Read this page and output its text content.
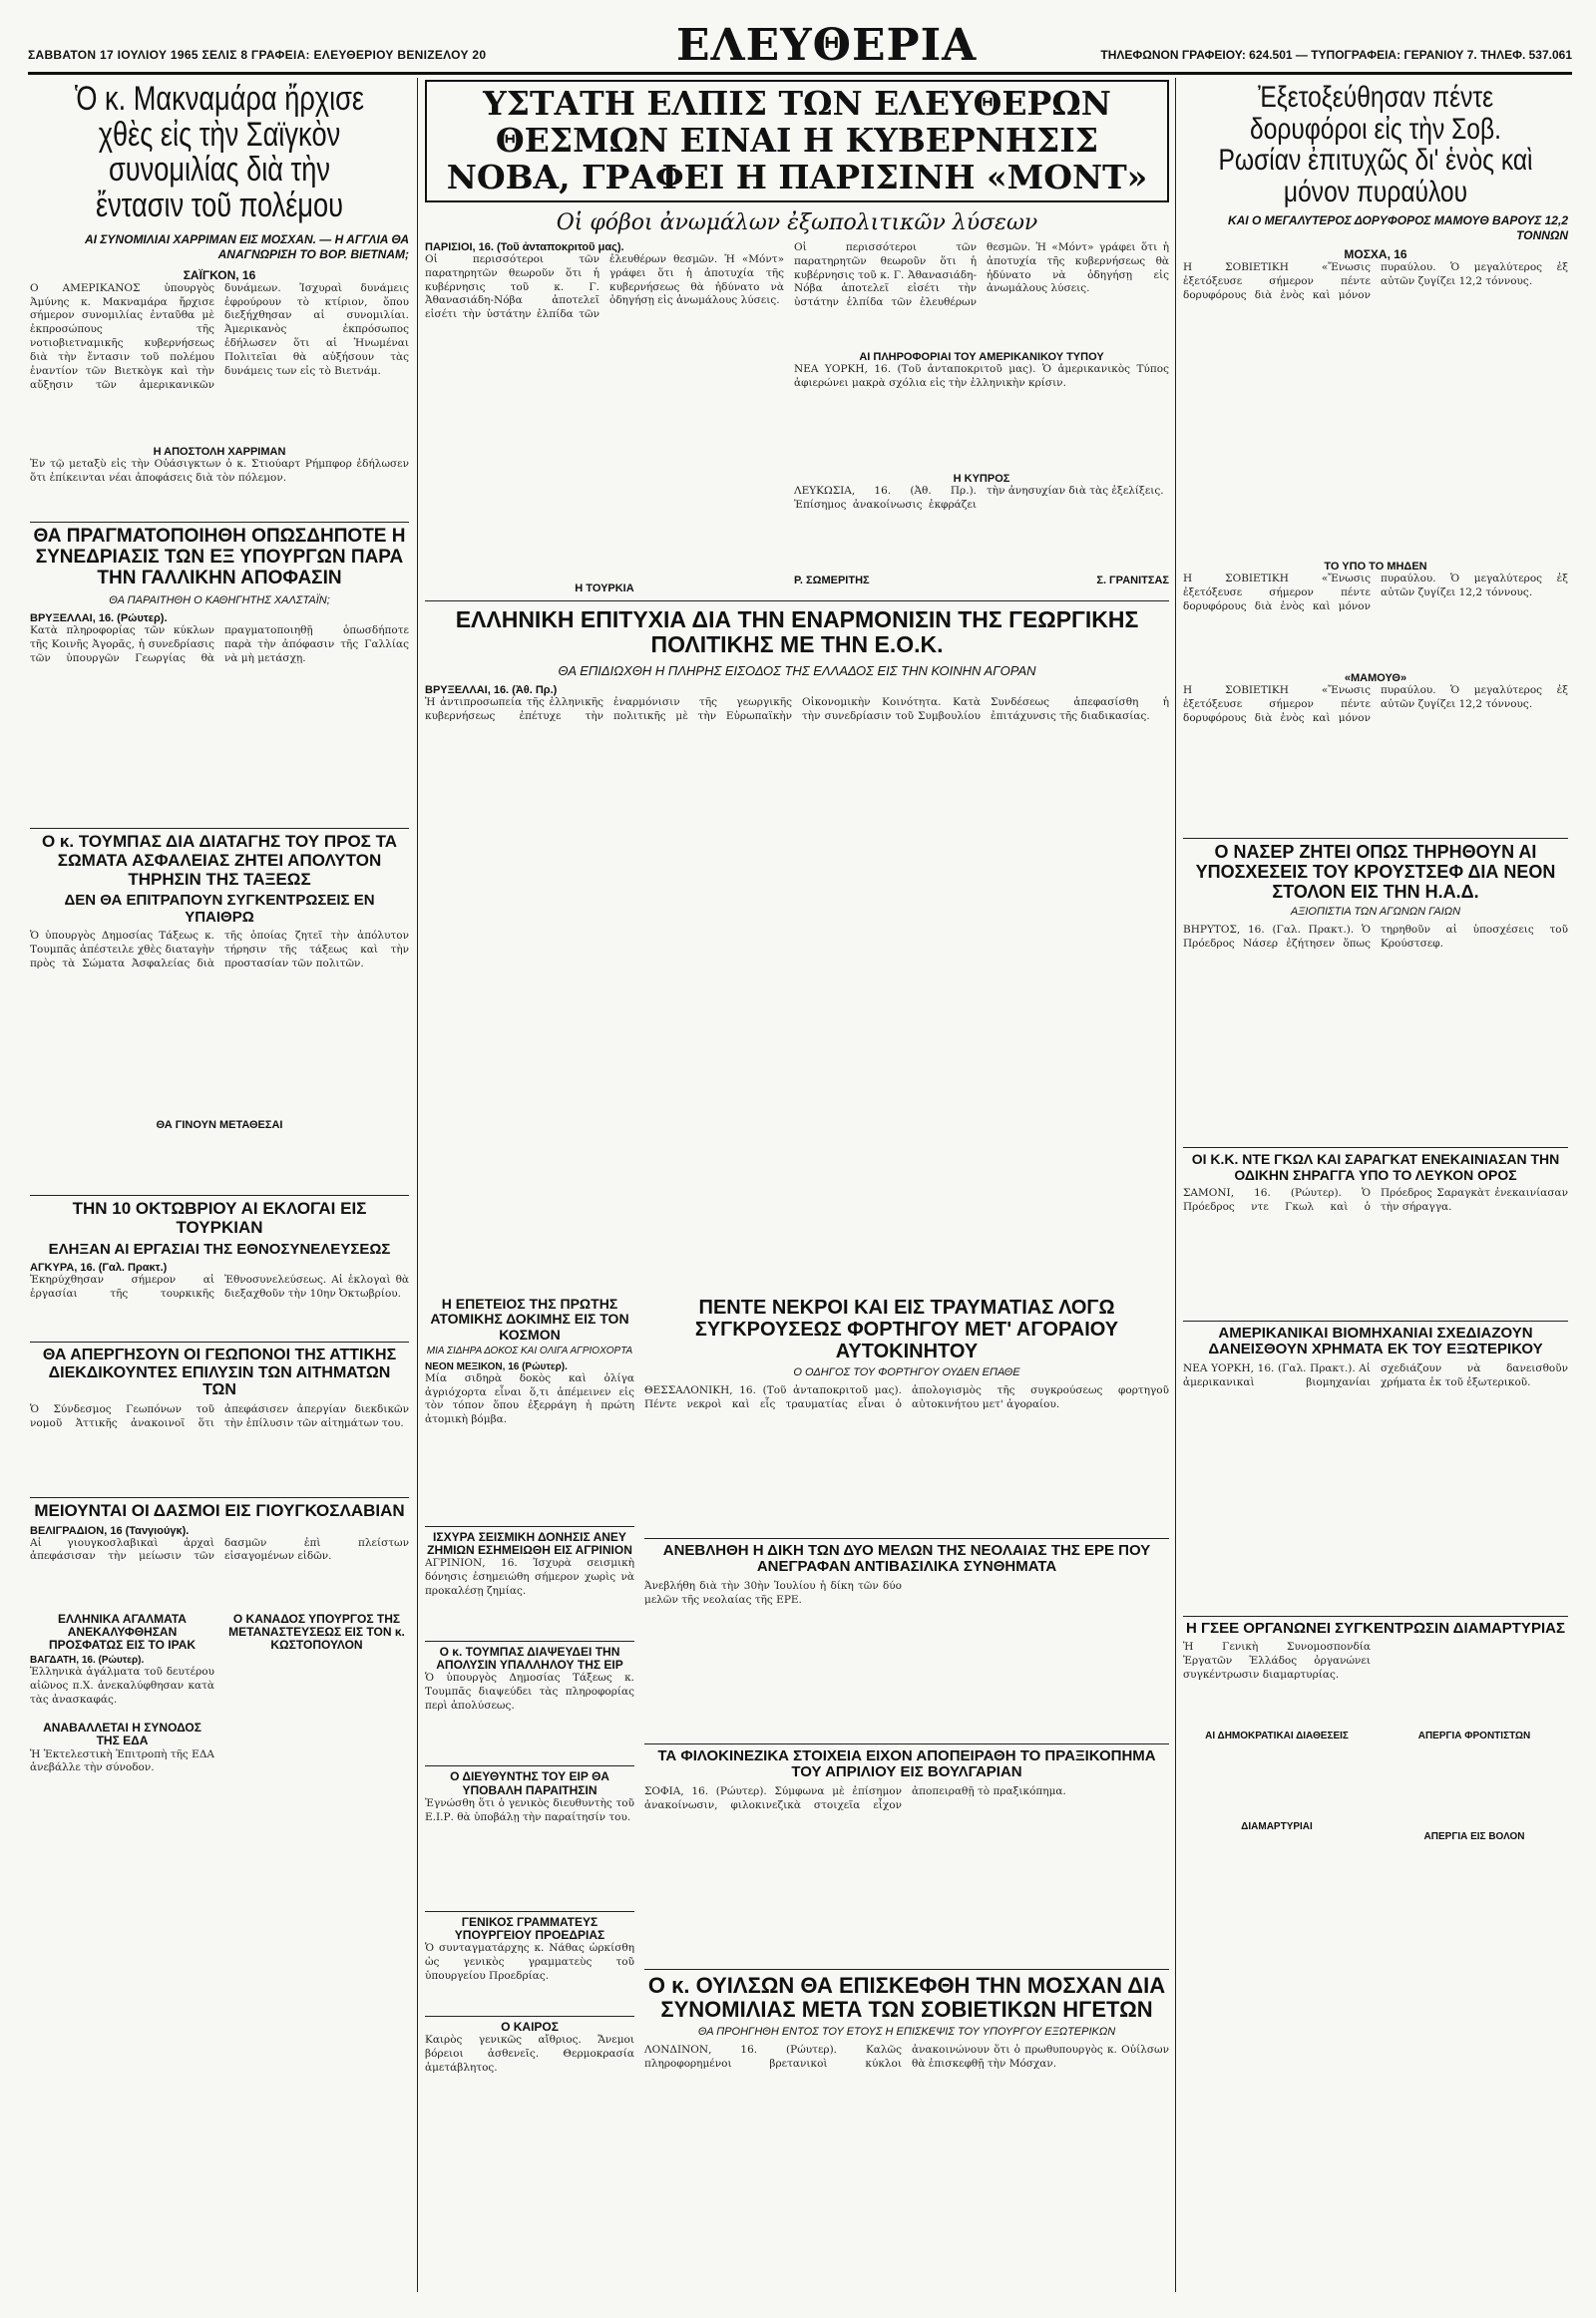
ΣΑΒΒΑΤΟΝ 17 ΙΟΥΛΙΟΥ 1965 ΣΕΛΙΣ 8 ΓΡΑΦΕΙΑ: ΕΛΕΥΘΕΡΙΟΥ ΒΕΝΙΖΕΛΟΥ 20	ΕΛΕΥΘΕΡΙΑ	ΤΗΛΕΦΩΝΟΝ ΓΡΑΦΕΙΟΥ: 624.501 — ΤΥΠΟΓΡΑΦΕΙΑ: ΓΕΡΑΝΙΟΥ 7. ΤΗΛΕΦ. 537.061
Ὁ κ. Μακναμάρα ἤρχισε χθὲς εἰς τὴν Σαϊγκὸν συνομιλίας διὰ τὴν ἔντασιν τοῦ πολέμου
ΑΙ ΣΥΝΟΜΙΛΙΑΙ ΧΑΡΡΙΜΑΝ ΕΙΣ ΜΟΣΧΑΝ. — Η ΑΓΓΛΙΑ ΘΑ ΑΝΑΓΝΩΡΙΣΗ ΤΟ ΒΟΡ. ΒΙΕΤΝΑΜ;
ΣΑΪΓΚΟΝ, 16
Ο ΑΜΕΡΙΚΑΝΟΣ ὑπουργὸς Ἀμύνης κ. Μακναμάρα ἤρχισε σήμερον συνομιλίας ἐνταῦθα μὲ ἐκπροσώπους τῆς νοτιοβιετναμικῆς κυβερνήσεως διὰ τὴν ἔντασιν τοῦ πολέμου ἐναντίον τῶν Βιετκὸγκ καὶ τὴν αὔξησιν τῶν ἀμερικανικῶν δυνάμεων. Ἰσχυραὶ δυνάμεις ἐφρούρουν τὸ κτίριον, ὅπου διεξήχθησαν αἱ συνομιλίαι. Ἀμερικανὸς ἐκπρόσωπος ἐδήλωσεν ὅτι αἱ Ἡνωμέναι Πολιτεῖαι θὰ αὐξήσουν τὰς δυνάμεις των εἰς τὸ Βιετνάμ.
Η ΑΠΟΣΤΟΛΗ ΧΑΡΡΙΜΑΝ
Ἐν τῷ μεταξὺ εἰς τὴν Οὐάσιγκτων ὁ κ. Στιούαρτ Ρήμπφορ ἐδήλωσεν ὅτι ἐπίκεινται νέαι ἀποφάσεις διὰ τὸν πόλεμον.
ΘΑ ΠΡΑΓΜΑΤΟΠΟΙΗΘΗ ΟΠΩΣΔΗΠΟΤΕ Η ΣΥΝΕΔΡΙΑΣΙΣ ΤΩΝ ΕΞ ΥΠΟΥΡΓΩΝ ΠΑΡΑ ΤΗΝ ΓΑΛΛΙΚΗΝ ΑΠΟΦΑΣΙΝ
ΘΑ ΠΑΡΑΙΤΗΘΗ Ο ΚΑΘΗΓΗΤΗΣ ΧΑΛΣΤΑΪΝ;
ΒΡΥΞΕΛΛΑΙ, 16. (Ρώυτερ).
Κατὰ πληροφορίας τῶν κύκλων τῆς Κοινῆς Ἀγορᾶς, ἡ συνεδρίασις τῶν ὑπουργῶν Γεωργίας θὰ πραγματοποιηθῇ ὁπωσδήποτε παρὰ τὴν ἀπόφασιν τῆς Γαλλίας νὰ μὴ μετάσχῃ.
Ο κ. ΤΟΥΜΠΑΣ ΔΙΑ ΔΙΑΤΑΓΗΣ ΤΟΥ ΠΡΟΣ ΤΑ ΣΩΜΑΤΑ ΑΣΦΑΛΕΙΑΣ ΖΗΤΕΙ ΑΠΟΛΥΤΟΝ ΤΗΡΗΣΙΝ ΤΗΣ ΤΑΞΕΩΣ
ΔΕΝ ΘΑ ΕΠΙΤΡΑΠΟΥΝ ΣΥΓΚΕΝΤΡΩΣΕΙΣ ΕΝ ΥΠΑΙΘΡΩ
Ὁ ὑπουργὸς Δημοσίας Τάξεως κ. Τουμπᾶς ἀπέστειλε χθὲς διαταγὴν πρὸς τὰ Σώματα Ἀσφαλείας διὰ τῆς ὁποίας ζητεῖ τὴν ἀπόλυτον τήρησιν τῆς τάξεως καὶ τὴν προστασίαν τῶν πολιτῶν.
ΘΑ ΓΙΝΟΥΝ ΜΕΤΑΘΕΣΑΙ
ΤΗΝ 10 ΟΚΤΩΒΡΙΟΥ ΑΙ ΕΚΛΟΓΑΙ ΕΙΣ ΤΟΥΡΚΙΑΝ
ΕΛΗΞΑΝ ΑΙ ΕΡΓΑΣΙΑΙ ΤΗΣ ΕΘΝΟΣΥΝΕΛΕΥΣΕΩΣ
ΑΓΚΥΡΑ, 16. (Γαλ. Πρακτ.)
Ἐκηρύχθησαν σήμερον αἱ ἐργασίαι τῆς τουρκικῆς Ἐθνοσυνελεύσεως. Αἱ ἐκλογαὶ θὰ διεξαχθοῦν τὴν 10ην Ὀκτωβρίου.
ΘΑ ΑΠΕΡΓΗΣΟΥΝ ΟΙ ΓΕΩΠΟΝΟΙ ΤΗΣ ΑΤΤΙΚΗΣ ΔΙΕΚΔΙΚΟΥΝΤΕΣ ΕΠΙΛΥΣΙΝ ΤΩΝ ΑΙΤΗΜΑΤΩΝ ΤΩΝ
Ὁ Σύνδεσμος Γεωπόνων τοῦ νομοῦ Ἀττικῆς ἀνακοινοῖ ὅτι ἀπεφάσισεν ἀπεργίαν διεκδικῶν τὴν ἐπίλυσιν τῶν αἰτημάτων του.
ΜΕΙΟΥΝΤΑΙ ΟΙ ΔΑΣΜΟΙ ΕΙΣ ΓΙΟΥΓΚΟΣΛΑΒΙΑΝ
ΒΕΛΙΓΡΑΔΙΟΝ, 16 (Τανγιούγκ).
Αἱ γιουγκοσλαβικαὶ ἀρχαὶ ἀπεφάσισαν τὴν μείωσιν τῶν δασμῶν ἐπὶ πλείστων εἰσαγομένων εἰδῶν.
ΕΛΛΗΝΙΚΑ ΑΓΑΛΜΑΤΑ ΑΝΕΚΑΛΥΦΘΗΣΑΝ ΠΡΟΣΦΑΤΩΣ ΕΙΣ ΤΟ ΙΡΑΚ
ΒΑΓΔΑΤΗ, 16. (Ρώυτερ).
Ἑλληνικὰ ἀγάλματα τοῦ δευτέρου αἰῶνος π.Χ. ἀνεκαλύφθησαν κατὰ τὰς ἀνασκαφάς.
ΑΝΑΒΑΛΛΕΤΑΙ Η ΣΥΝΟΔΟΣ ΤΗΣ ΕΔΑ
Ἡ Ἐκτελεστικὴ Ἐπιτροπὴ τῆς ΕΔΑ ἀνεβάλλε τὴν σύνοδον.
Ο ΚΑΝΑΔΟΣ ΥΠΟΥΡΓΟΣ ΤΗΣ ΜΕΤΑΝΑΣΤΕΥΣΕΩΣ ΕΙΣ ΤΟΝ κ. ΚΩΣΤΟΠΟΥΛΟΝ
ΥΣΤΑΤΗ ΕΛΠΙΣ ΤΩΝ ΕΛΕΥΘΕΡΩΝ ΘΕΣΜΩΝ ΕΙΝΑΙ Η ΚΥΒΕΡΝΗΣΙΣ ΝΟΒΑ, ΓΡΑΦΕΙ Η ΠΑΡΙΣΙΝΗ «ΜΟΝΤ»
Οἱ φόβοι ἀνωμάλων ἐξωπολιτικῶν λύσεων
ΠΑΡΙΣΙΟΙ, 16. (Τοῦ ἀνταποκριτοῦ μας).
Οἱ περισσότεροι τῶν παρατηρητῶν θεωροῦν ὅτι ἡ κυβέρνησις τοῦ κ. Γ. Ἀθανασιάδη-Νόβα ἀποτελεῖ εἰσέτι τὴν ὑστάτην ἐλπίδα τῶν ἐλευθέρων θεσμῶν. Ἡ «Μόντ» γράφει ὅτι ἡ ἀποτυχία τῆς κυβερνήσεως θὰ ἠδύνατο νὰ ὁδηγήσῃ εἰς ἀνωμάλους λύσεις.
Η ΤΟΥΡΚΙΑ
Οἱ περισσότεροι τῶν παρατηρητῶν θεωροῦν ὅτι ἡ κυβέρνησις τοῦ κ. Γ. Ἀθανασιάδη-Νόβα ἀποτελεῖ εἰσέτι τὴν ὑστάτην ἐλπίδα τῶν ἐλευθέρων θεσμῶν. Ἡ «Μόντ» γράφει ὅτι ἡ ἀποτυχία τῆς κυβερνήσεως θὰ ἠδύνατο νὰ ὁδηγήσῃ εἰς ἀνωμάλους λύσεις.
ΑΙ ΠΛΗΡΟΦΟΡΙΑΙ ΤΟΥ ΑΜΕΡΙΚΑΝΙΚΟΥ ΤΥΠΟΥ
ΝΕΑ ΥΟΡΚΗ, 16. (Τοῦ ἀνταποκριτοῦ μας). Ὁ ἀμερικανικὸς Τύπος ἀφιερώνει μακρὰ σχόλια εἰς τὴν ἑλληνικὴν κρίσιν.
Η ΚΥΠΡΟΣ
ΛΕΥΚΩΣΙΑ, 16. (Ἀθ. Πρ.). Ἐπίσημος ἀνακοίνωσις ἐκφράζει τὴν ἀνησυχίαν διὰ τὰς ἐξελίξεις.
Ρ. ΣΩΜΕΡΙΤΗΣ	Σ. ΓΡΑΝΙΤΣΑΣ
ΕΛΛΗΝΙΚΗ ΕΠΙΤΥΧΙΑ ΔΙΑ ΤΗΝ ΕΝΑΡΜΟΝΙΣΙΝ ΤΗΣ ΓΕΩΡΓΙΚΗΣ ΠΟΛΙΤΙΚΗΣ ΜΕ ΤΗΝ Ε.Ο.Κ.
ΘΑ ΕΠΙΔΙΩΧΘΗ Η ΠΛΗΡΗΣ ΕΙΣΟΔΟΣ ΤΗΣ ΕΛΛΑΔΟΣ ΕΙΣ ΤΗΝ ΚΟΙΝΗΝ ΑΓΟΡΑΝ
ΒΡΥΞΕΛΛΑΙ, 16. (Ἀθ. Πρ.)
Ἡ ἀντιπροσωπεία τῆς ἑλληνικῆς κυβερνήσεως ἐπέτυχε τὴν ἐναρμόνισιν τῆς γεωργικῆς πολιτικῆς μὲ τὴν Εὐρωπαϊκὴν Οἰκονομικὴν Κοινότητα. Κατὰ τὴν συνεδρίασιν τοῦ Συμβουλίου Συνδέσεως ἀπεφασίσθη ἡ ἐπιτάχυνσις τῆς διαδικασίας.
Η ΕΠΕΤΕΙΟΣ ΤΗΣ ΠΡΩΤΗΣ ΑΤΟΜΙΚΗΣ ΔΟΚΙΜΗΣ ΕΙΣ ΤΟΝ ΚΟΣΜΟΝ
ΜΙΑ ΣΙΔΗΡΑ ΔΟΚΟΣ ΚΑΙ ΟΛΙΓΑ ΑΓΡΙΟΧΟΡΤΑ
ΝΕΟΝ ΜΕΞΙΚΟΝ, 16 (Ρώυτερ).
Μία σιδηρὰ δοκὸς καὶ ὀλίγα ἀγριόχορτα εἶναι ὅ,τι ἀπέμεινεν εἰς τὸν τόπον ὅπου ἐξερράγη ἡ πρώτη ἀτομικὴ βόμβα.
ΙΣΧΥΡΑ ΣΕΙΣΜΙΚΗ ΔΟΝΗΣΙΣ ΑΝΕΥ ΖΗΜΙΩΝ ΕΣΗΜΕΙΩΘΗ ΕΙΣ ΑΓΡΙΝΙΟΝ
ΑΓΡΙΝΙΟΝ, 16. Ἰσχυρὰ σεισμικὴ δόνησις ἐσημειώθη σήμερον χωρὶς νὰ προκαλέσῃ ζημίας.
Ο κ. ΤΟΥΜΠΑΣ ΔΙΑΨΕΥΔΕΙ ΤΗΝ ΑΠΟΛΥΣΙΝ ΥΠΑΛΛΗΛΟΥ ΤΗΣ ΕΙΡ
Ὁ ὑπουργὸς Δημοσίας Τάξεως κ. Τουμπᾶς διαψεύδει τὰς πληροφορίας περὶ ἀπολύσεως.
Ο ΔΙΕΥΘΥΝΤΗΣ ΤΟΥ ΕΙΡ ΘΑ ΥΠΟΒΑΛΗ ΠΑΡΑΙΤΗΣΙΝ
Ἐγνώσθη ὅτι ὁ γενικὸς διευθυντὴς τοῦ Ε.Ι.Ρ. θὰ ὑποβάλῃ τὴν παραίτησίν του.
ΓΕΝΙΚΟΣ ΓΡΑΜΜΑΤΕΥΣ ΥΠΟΥΡΓΕΙΟΥ ΠΡΟΕΔΡΙΑΣ
Ὁ συνταγματάρχης κ. Νάθας ὠρκίσθη ὡς γενικὸς γραμματεὺς τοῦ ὑπουργείου Προεδρίας.
Ο ΚΑΙΡΟΣ
Καιρὸς γενικῶς αἴθριος. Ἄνεμοι βόρειοι ἀσθενεῖς. Θερμοκρασία ἀμετάβλητος.
ΠΕΝΤΕ ΝΕΚΡΟΙ ΚΑΙ ΕΙΣ ΤΡΑΥΜΑΤΙΑΣ ΛΟΓΩ ΣΥΓΚΡΟΥΣΕΩΣ ΦΟΡΤΗΓΟΥ ΜΕΤ' ΑΓΟΡΑΙΟΥ ΑΥΤΟΚΙΝΗΤΟΥ
Ο ΟΔΗΓΟΣ ΤΟΥ ΦΟΡΤΗΓΟΥ ΟΥΔΕΝ ΕΠΑΘΕ
ΘΕΣΣΑΛΟΝΙΚΗ, 16. (Τοῦ ἀνταποκριτοῦ μας). Πέντε νεκροὶ καὶ εἷς τραυματίας εἶναι ὁ ἀπολογισμὸς τῆς συγκρούσεως φορτηγοῦ αὐτοκινήτου μετ' ἀγοραίου.
ΑΝΕΒΛΗΘΗ Η ΔΙΚΗ ΤΩΝ ΔΥΟ ΜΕΛΩΝ ΤΗΣ ΝΕΟΛΑΙΑΣ ΤΗΣ ΕΡΕ ΠΟΥ ΑΝΕΓΡΑΦΑΝ ΑΝΤΙΒΑΣΙΛΙΚΑ ΣΥΝΘΗΜΑΤΑ
Ἀνεβλήθη διὰ τὴν 30ὴν Ἰουλίου ἡ δίκη τῶν δύο μελῶν τῆς νεολαίας τῆς ΕΡΕ.
ΤΑ ΦΙΛΟΚΙΝΕΖΙΚΑ ΣΤΟΙΧΕΙΑ ΕΙΧΟΝ ΑΠΟΠΕΙΡΑΘΗ ΤΟ ΠΡΑΞΙΚΟΠΗΜΑ ΤΟΥ ΑΠΡΙΛΙΟΥ ΕΙΣ ΒΟΥΛΓΑΡΙΑΝ
ΣΟΦΙΑ, 16. (Ρώυτερ). Σύμφωνα μὲ ἐπίσημον ἀνακοίνωσιν, φιλοκινεζικὰ στοιχεῖα εἶχον ἀποπειραθῇ τὸ πραξικόπημα.
Ο κ. ΟΥΙΛΣΩΝ ΘΑ ΕΠΙΣΚΕΦΘΗ ΤΗΝ ΜΟΣΧΑΝ ΔΙΑ ΣΥΝΟΜΙΛΙΑΣ ΜΕΤΑ ΤΩΝ ΣΟΒΙΕΤΙΚΩΝ ΗΓΕΤΩΝ
ΘΑ ΠΡΟΗΓΗΘΗ ΕΝΤΟΣ ΤΟΥ ΕΤΟΥΣ Η ΕΠΙΣΚΕΨΙΣ ΤΟΥ ΥΠΟΥΡΓΟΥ ΕΞΩΤΕΡΙΚΩΝ
ΛΟΝΔΙΝΟΝ, 16. (Ρώυτερ). Καλῶς πληροφορημένοι βρετανικοὶ κύκλοι ἀνακοινώνουν ὅτι ὁ πρωθυπουργὸς κ. Οὐίλσων θὰ ἐπισκεφθῇ τὴν Μόσχαν.
Ἐξετοξεύθησαν πέντε δορυφόροι εἰς τὴν Σοβ. Ρωσίαν ἐπιτυχῶς δι' ἑνὸς καὶ μόνον πυραύλου
ΚΑΙ Ο ΜΕΓΑΛΥΤΕΡΟΣ ΔΟΡΥΦΟΡΟΣ ΜΑΜΟΥΘ ΒΑΡΟΥΣ 12,2 ΤΟΝΝΩΝ
ΜΟΣΧΑ, 16
Η ΣΟΒΙΕΤΙΚΗ «Ἔνωσις ἐξετόξευσε σήμερον πέντε δορυφόρους διὰ ἑνὸς καὶ μόνον πυραύλου. Ὁ μεγαλύτερος ἐξ αὐτῶν ζυγίζει 12,2 τόννους.
ΤΟ ΥΠΟ ΤΟ ΜΗΔΕΝ
Η ΣΟΒΙΕΤΙΚΗ «Ἔνωσις ἐξετόξευσε σήμερον πέντε δορυφόρους διὰ ἑνὸς καὶ μόνον πυραύλου. Ὁ μεγαλύτερος ἐξ αὐτῶν ζυγίζει 12,2 τόννους.
«ΜΑΜΟΥΘ»
Η ΣΟΒΙΕΤΙΚΗ «Ἔνωσις ἐξετόξευσε σήμερον πέντε δορυφόρους διὰ ἑνὸς καὶ μόνον πυραύλου. Ὁ μεγαλύτερος ἐξ αὐτῶν ζυγίζει 12,2 τόννους.
Ο ΝΑΣΕΡ ΖΗΤΕΙ ΟΠΩΣ ΤΗΡΗΘΟΥΝ ΑΙ ΥΠΟΣΧΕΣΕΙΣ ΤΟΥ ΚΡΟΥΣΤΣΕΦ ΔΙΑ ΝΕΟΝ ΣΤΟΛΟΝ ΕΙΣ ΤΗΝ Η.Α.Δ.
ΑΞΙΟΠΙΣΤΙΑ ΤΩΝ ΑΓΩΝΩΝ ΓΑΙΩΝ
ΒΗΡΥΤΟΣ, 16. (Γαλ. Πρακτ.). Ὁ Πρόεδρος Νάσερ ἐζήτησεν ὅπως τηρηθοῦν αἱ ὑποσχέσεις τοῦ Κρούστσεφ.
ΟΙ Κ.Κ. ΝΤΕ ΓΚΩΛ ΚΑΙ ΣΑΡΑΓΚΑΤ ΕΝΕΚΑΙΝΙΑΣΑΝ ΤΗΝ ΟΔΙΚΗΝ ΣΗΡΑΓΓΑ ΥΠΟ ΤΟ ΛΕΥΚΟΝ ΟΡΟΣ
ΣΑΜΟΝΙ, 16. (Ρώυτερ). Ὁ Πρόεδρος ντε Γκωλ καὶ ὁ Πρόεδρος Σαραγκὰτ ἐνεκαινίασαν τὴν σήραγγα.
ΑΜΕΡΙΚΑΝΙΚΑΙ ΒΙΟΜΗΧΑΝΙΑΙ ΣΧΕΔΙΑΖΟΥΝ ΔΑΝΕΙΣΘΟΥΝ ΧΡΗΜΑΤΑ ΕΚ ΤΟΥ ΕΞΩΤΕΡΙΚΟΥ
ΝΕΑ ΥΟΡΚΗ, 16. (Γαλ. Πρακτ.). Αἱ ἀμερικανικαὶ βιομηχανίαι σχεδιάζουν νὰ δανεισθοῦν χρήματα ἐκ τοῦ ἐξωτερικοῦ.
Η ΓΣΕΕ ΟΡΓΑΝΩΝΕΙ ΣΥΓΚΕΝΤΡΩΣΙΝ ΔΙΑΜΑΡΤΥΡΙΑΣ
Ἡ Γενικὴ Συνομοσπονδία Ἐργατῶν Ἑλλάδος ὀργανώνει συγκέντρωσιν διαμαρτυρίας.
ΑΙ ΔΗΜΟΚΡΑΤΙΚΑΙ ΔΙΑΘΕΣΕΙΣ
ΔΙΑΜΑΡΤΥΡΙΑΙ
ΑΠΕΡΓΙΑ ΦΡΟΝΤΙΣΤΩΝ
ΑΠΕΡΓΙΑ ΕΙΣ ΒΟΛΟΝ
